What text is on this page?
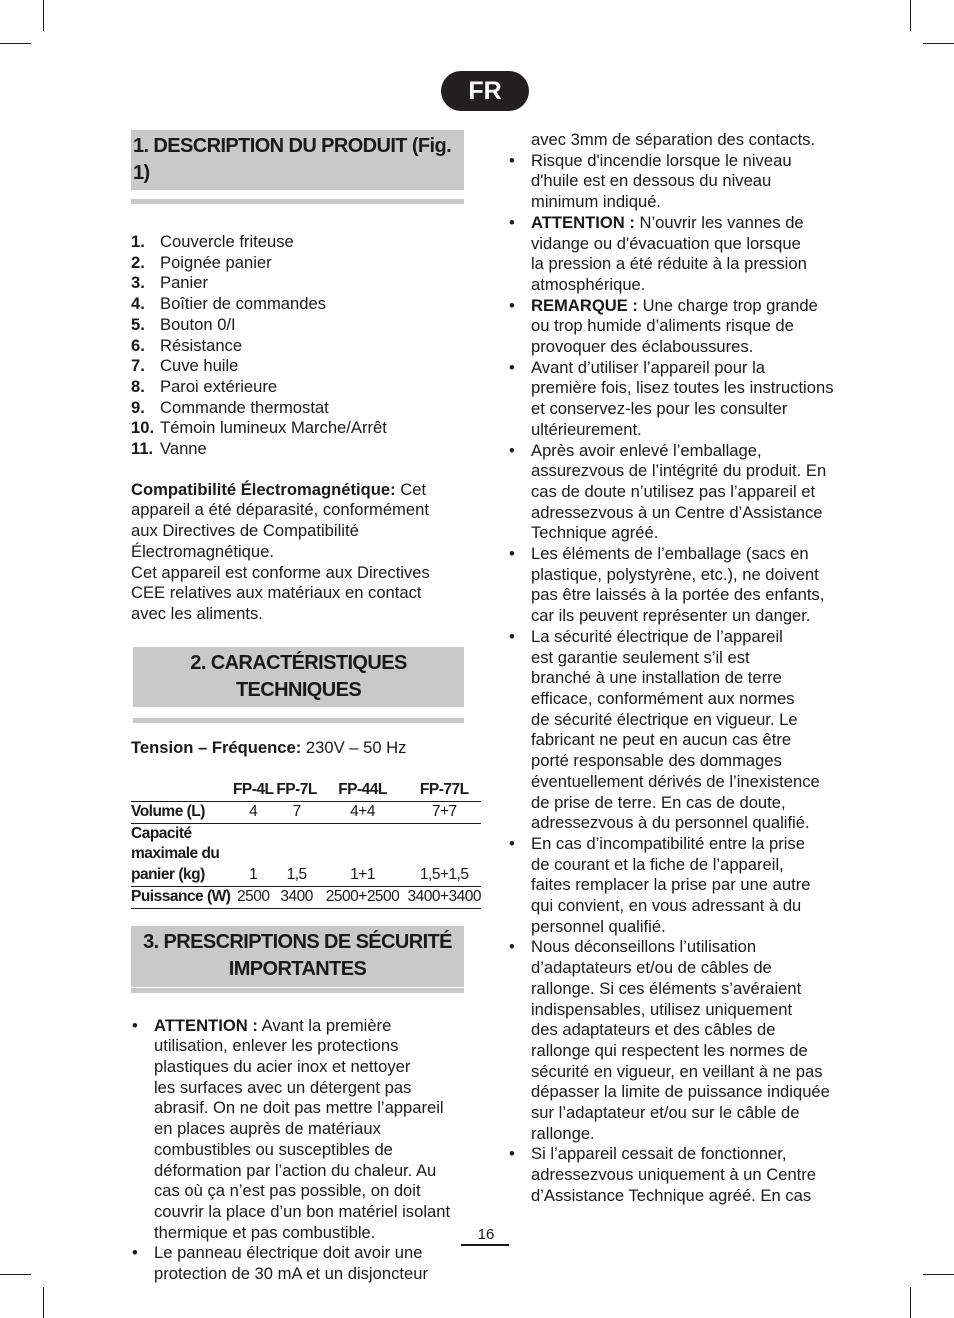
FR
1. DESCRIPTION DU PRODUIT (Fig. 1)
1. Couvercle friteuse
2. Poignée panier
3. Panier
4. Boîtier de commandes
5. Bouton 0/I
6. Résistance
7. Cuve huile
8. Paroi extérieure
9. Commande thermostat
10. Témoin lumineux Marche/Arrêt
11. Vanne
Compatibilité Électromagnétique: Cet
appareil a été déparasité, conformément
aux Directives de Compatibilité
Électromagnétique.
Cet appareil est conforme aux Directives
CEE relatives aux matériaux en contact
avec les aliments.
2. CARACTÉRISTIQUES TECHNIQUES
Tension – Fréquence: 230V – 50 Hz
	FP-4L	FP-7L	FP-44L	FP-77L
Volume (L)	4	7	4+4	7+7

Capacité
maximale du
panier (kg)	1	1,5	1+1	1,5+1,5
Puissance (W)	2500	3400	2500+2500	3400+3400
3. PRESCRIPTIONS DE SÉCURITÉ
IMPORTANTES
• ATTENTION : Avant la première
utilisation, enlever les protections
plastiques du acier inox et nettoyer
les surfaces avec un détergent pas
abrasif. On ne doit pas mettre l’appareil
en places auprès de matériaux
combustibles ou susceptibles de
déformation par l’action du chaleur. Au
cas où ça n’est pas possible, on doit
couvrir la place d’un bon matériel isolant
thermique et pas combustible.
• Le panneau électrique doit avoir une
protection de 30 mA et un disjoncteur
avec 3mm de séparation des contacts.
• Risque d'incendie lorsque le niveau
d'huile est en dessous du niveau
minimum indiqué.
• ATTENTION : N’ouvrir les vannes de
vidange ou d'évacuation que lorsque
la pression a été réduite à la pression
atmosphérique.
• REMARQUE : Une charge trop grande
ou trop humide d’aliments risque de
provoquer des éclaboussures.
• Avant d’utiliser l’appareil pour la
première fois, lisez toutes les instructions
et conservez-les pour les consulter
ultérieurement.
• Après avoir enlevé l’emballage,
assurezvous de l’intégrité du produit. En
cas de doute n’utilisez pas l’appareil et
adressezvous à un Centre d’Assistance
Technique agréé.
• Les éléments de l’emballage (sacs en
plastique, polystyrène, etc.), ne doivent
pas être laissés à la portée des enfants,
car ils peuvent représenter un danger.
• La sécurité électrique de l’appareil
est garantie seulement s’il est
branché à une installation de terre
efficace, conformément aux normes
de sécurité électrique en vigueur. Le
fabricant ne peut en aucun cas être
porté responsable des dommages
éventuellement dérivés de l’inexistence
de prise de terre. En cas de doute,
adressezvous à du personnel qualifié.
• En cas d’incompatibilité entre la prise
de courant et la fiche de l’appareil,
faites remplacer la prise par une autre
qui convient, en vous adressant à du
personnel qualifié.
• Nous déconseillons l’utilisation
d’adaptateurs et/ou de câbles de
rallonge. Si ces éléments s’avéraient
indispensables, utilisez uniquement
des adaptateurs et des câbles de
rallonge qui respectent les normes de
sécurité en vigueur, en veillant à ne pas
dépasser la limite de puissance indiquée
sur l’adaptateur et/ou sur le câble de
rallonge.
• Si l’appareil cessait de fonctionner,
adressezvous uniquement à un Centre
d’Assistance Technique agréé. En cas
16
